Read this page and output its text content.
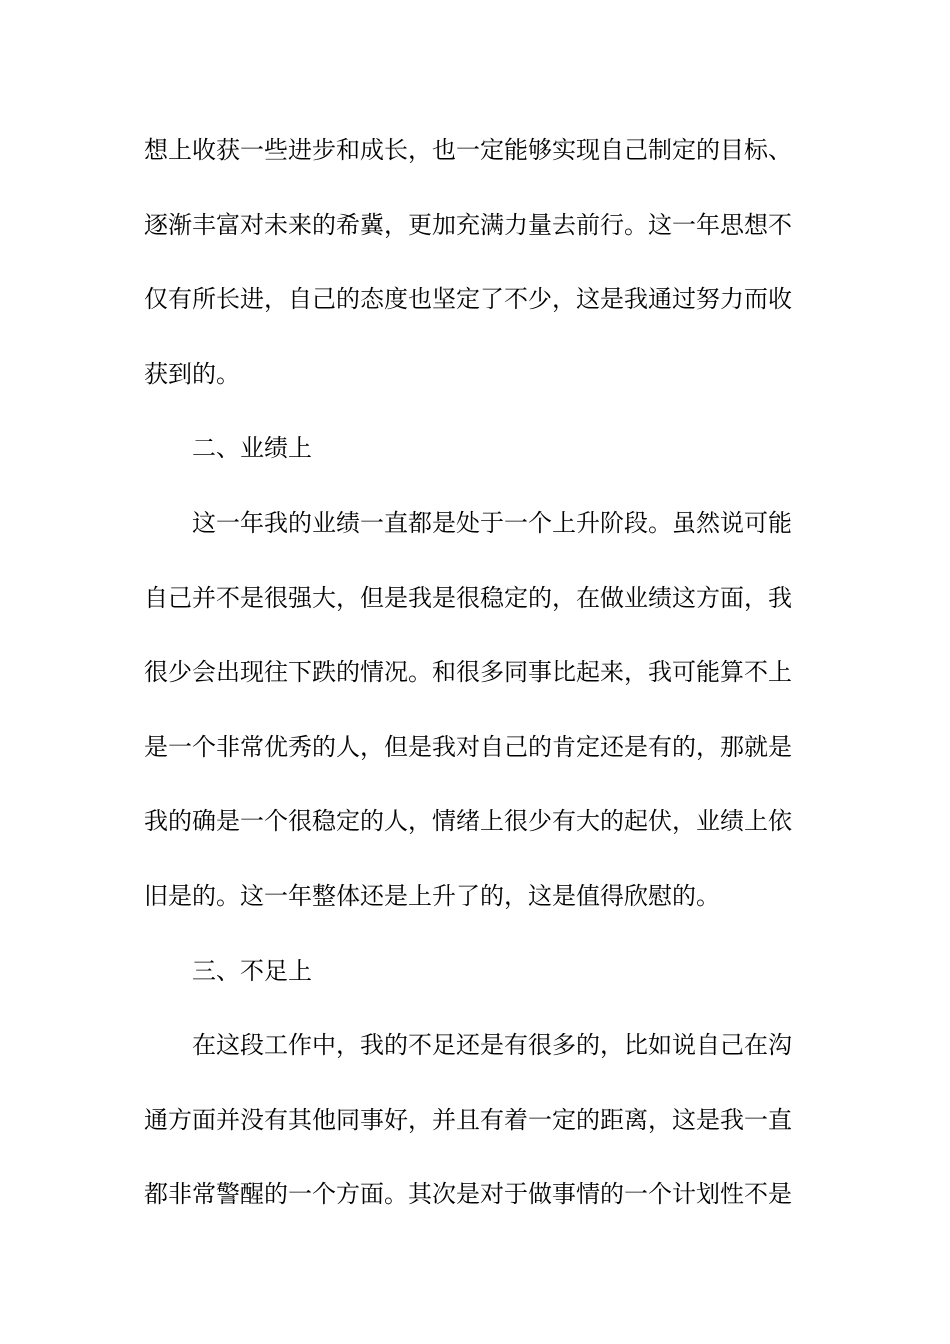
想上收获一些进步和成长，也一定能够实现自己制定的目标、
逐渐丰富对未来的希冀，更加充满力量去前行。这一年思想不
仅有所长进，自己的态度也坚定了不少，这是我通过努力而收
获到的。
二、业绩上
这一年我的业绩一直都是处于一个上升阶段。虽然说可能
自己并不是很强大，但是我是很稳定的，在做业绩这方面，我
很少会出现往下跌的情况。和很多同事比起来，我可能算不上
是一个非常优秀的人，但是我对自己的肯定还是有的，那就是
我的确是一个很稳定的人，情绪上很少有大的起伏，业绩上依
旧是的。这一年整体还是上升了的，这是值得欣慰的。
三、不足上
在这段工作中，我的不足还是有很多的，比如说自己在沟
通方面并没有其他同事好，并且有着一定的距离，这是我一直
都非常警醒的一个方面。其次是对于做事情的一个计划性不是
